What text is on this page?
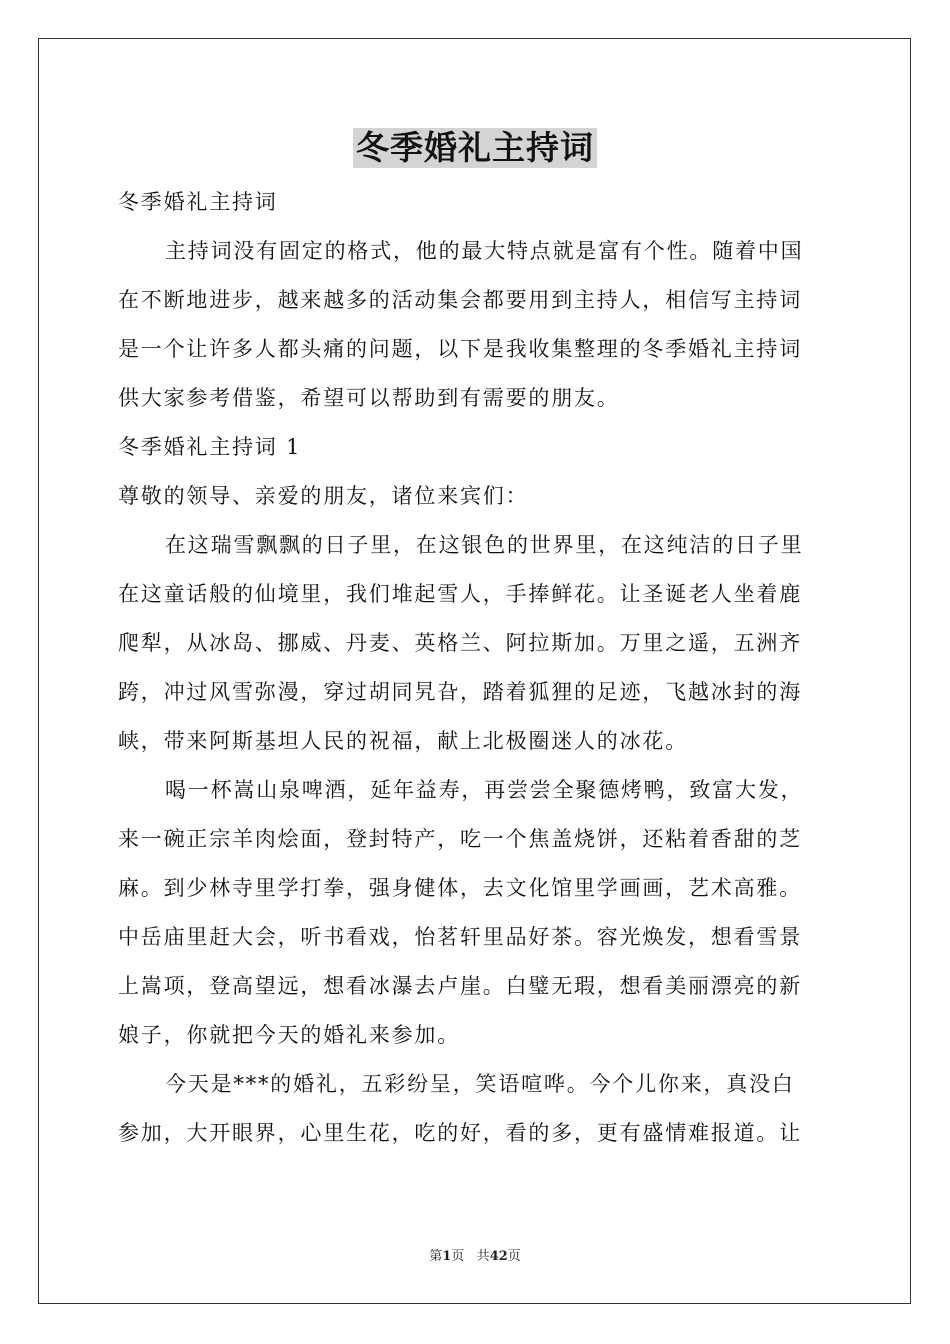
冬季婚礼主持词

冬季婚礼主持词

主持词没有固定的格式，他的最大特点就是富有个性。随着中国

在不断地进步，越来越多的活动集会都要用到主持人，相信写主持词

是一个让许多人都头痛的问题，以下是我收集整理的冬季婚礼主持词

供大家参考借鉴，希望可以帮助到有需要的朋友。

冬季婚礼主持词 1

尊敬的领导、亲爱的朋友，诸位来宾们：

在这瑞雪飘飘的日子里，在这银色的世界里，在这纯洁的日子里

在这童话般的仙境里，我们堆起雪人，手捧鲜花。让圣诞老人坐着鹿

爬犁，从冰岛、挪威、丹麦、英格兰、阿拉斯加。万里之遥，五洲齐

跨，冲过风雪弥漫，穿过胡同旯旮，踏着狐狸的足迹，飞越冰封的海

峡，带来阿斯基坦人民的祝福，献上北极圈迷人的冰花。

喝一杯嵩山泉啤酒，延年益寿，再尝尝全聚德烤鸭，致富大发，

来一碗正宗羊肉烩面，登封特产，吃一个焦盖烧饼，还粘着香甜的芝

麻。到少林寺里学打拳，强身健体，去文化馆里学画画，艺术高雅。

中岳庙里赶大会，听书看戏，怡茗轩里品好茶。容光焕发，想看雪景

上嵩项，登高望远，想看冰瀑去卢崖。白璧无瑕，想看美丽漂亮的新

娘子，你就把今天的婚礼来参加。

今天是***的婚礼，五彩纷呈，笑语喧哗。今个儿你来，真没白

参加，大开眼界，心里生花，吃的好，看的多，更有盛情难报道。让

第1页 共42页
